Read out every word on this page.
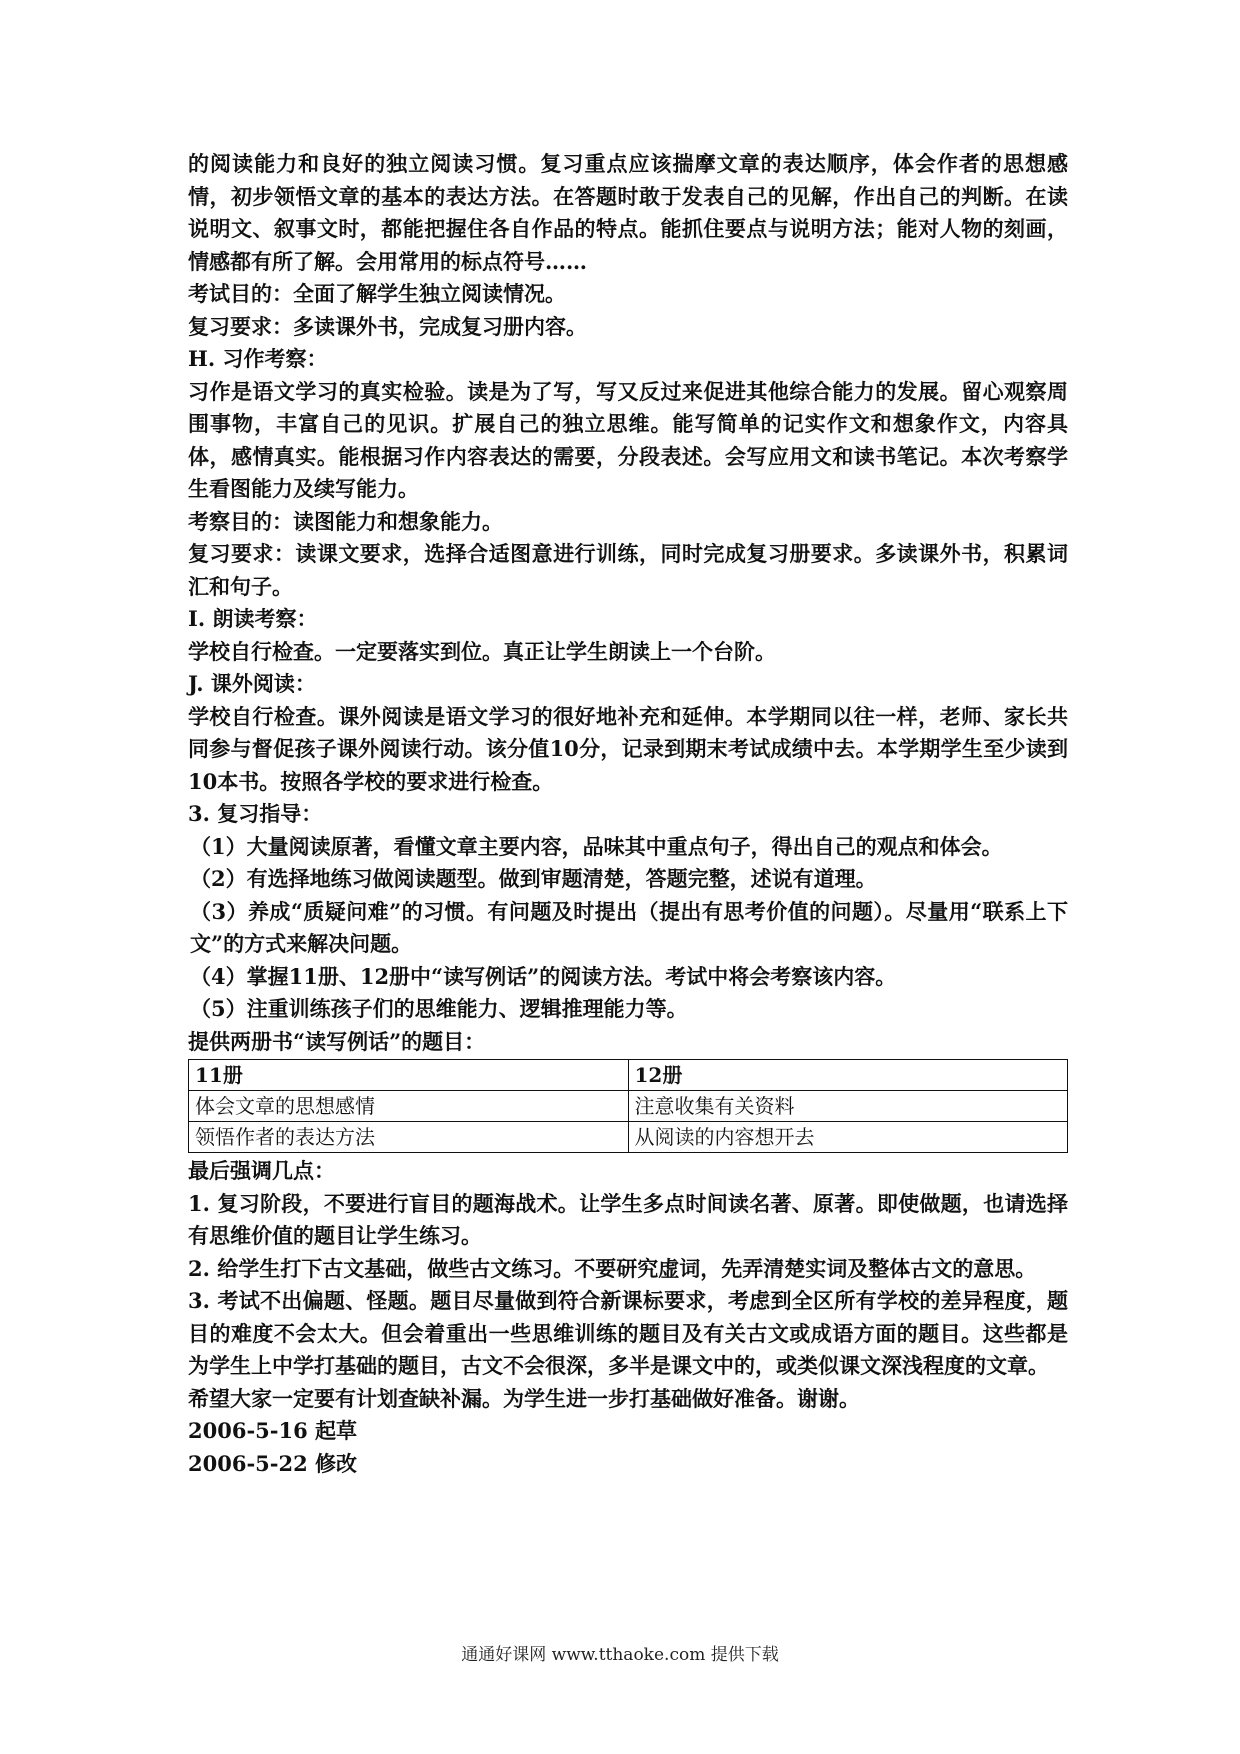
的阅读能力和良好的独立阅读习惯。复习重点应该揣摩文章的表达顺序，体会作者的思想感情，初步领悟文章的基本的表达方法。在答题时敢于发表自己的见解，作出自己的判断。在读说明文、叙事文时，都能把握住各自作品的特点。能抓住要点与说明方法；能对人物的刻画，情感都有所了解。会用常用的标点符号……

考试目的：全面了解学生独立阅读情况。

复习要求：多读课外书，完成复习册内容。

H. 习作考察：

习作是语文学习的真实检验。读是为了写，写又反过来促进其他综合能力的发展。留心观察周围事物，丰富自己的见识。扩展自己的独立思维。能写简单的记实作文和想象作文，内容具体，感情真实。能根据习作内容表达的需要，分段表述。会写应用文和读书笔记。本次考察学生看图能力及续写能力。

考察目的：读图能力和想象能力。

复习要求：读课文要求，选择合适图意进行训练，同时完成复习册要求。多读课外书，积累词汇和句子。

I. 朗读考察：

学校自行检查。一定要落实到位。真正让学生朗读上一个台阶。

J. 课外阅读：

学校自行检查。课外阅读是语文学习的很好地补充和延伸。本学期同以往一样，老师、家长共同参与督促孩子课外阅读行动。该分值10分，记录到期末考试成绩中去。本学期学生至少读到10本书。按照各学校的要求进行检查。

3. 复习指导：

（1）大量阅读原著，看懂文章主要内容，品味其中重点句子，得出自己的观点和体会。

（2）有选择地练习做阅读题型。做到审题清楚，答题完整，述说有道理。

（3）养成“质疑问难”的习惯。有问题及时提出（提出有思考价值的问题）。尽量用“联系上下文”的方式来解决问题。

（4）掌握11册、12册中“读写例话”的阅读方法。考试中将会考察该内容。

（5）注重训练孩子们的思维能力、逻辑推理能力等。

提供两册书“读写例话”的题目：

11册	12册
体会文章的思想感情	注意收集有关资料
领悟作者的表达方法	从阅读的内容想开去

最后强调几点：

1. 复习阶段，不要进行盲目的题海战术。让学生多点时间读名著、原著。即使做题，也请选择有思维价值的题目让学生练习。

2. 给学生打下古文基础，做些古文练习。不要研究虚词，先弄清楚实词及整体古文的意思。

3. 考试不出偏题、怪题。题目尽量做到符合新课标要求，考虑到全区所有学校的差异程度，题目的难度不会太大。但会着重出一些思维训练的题目及有关古文或成语方面的题目。这些都是为学生上中学打基础的题目，古文不会很深，多半是课文中的，或类似课文深浅程度的文章。

希望大家一定要有计划查缺补漏。为学生进一步打基础做好准备。谢谢。

2006-5-16 起草

2006-5-22 修改

通通好课网 www.tthaoke.com 提供下载
